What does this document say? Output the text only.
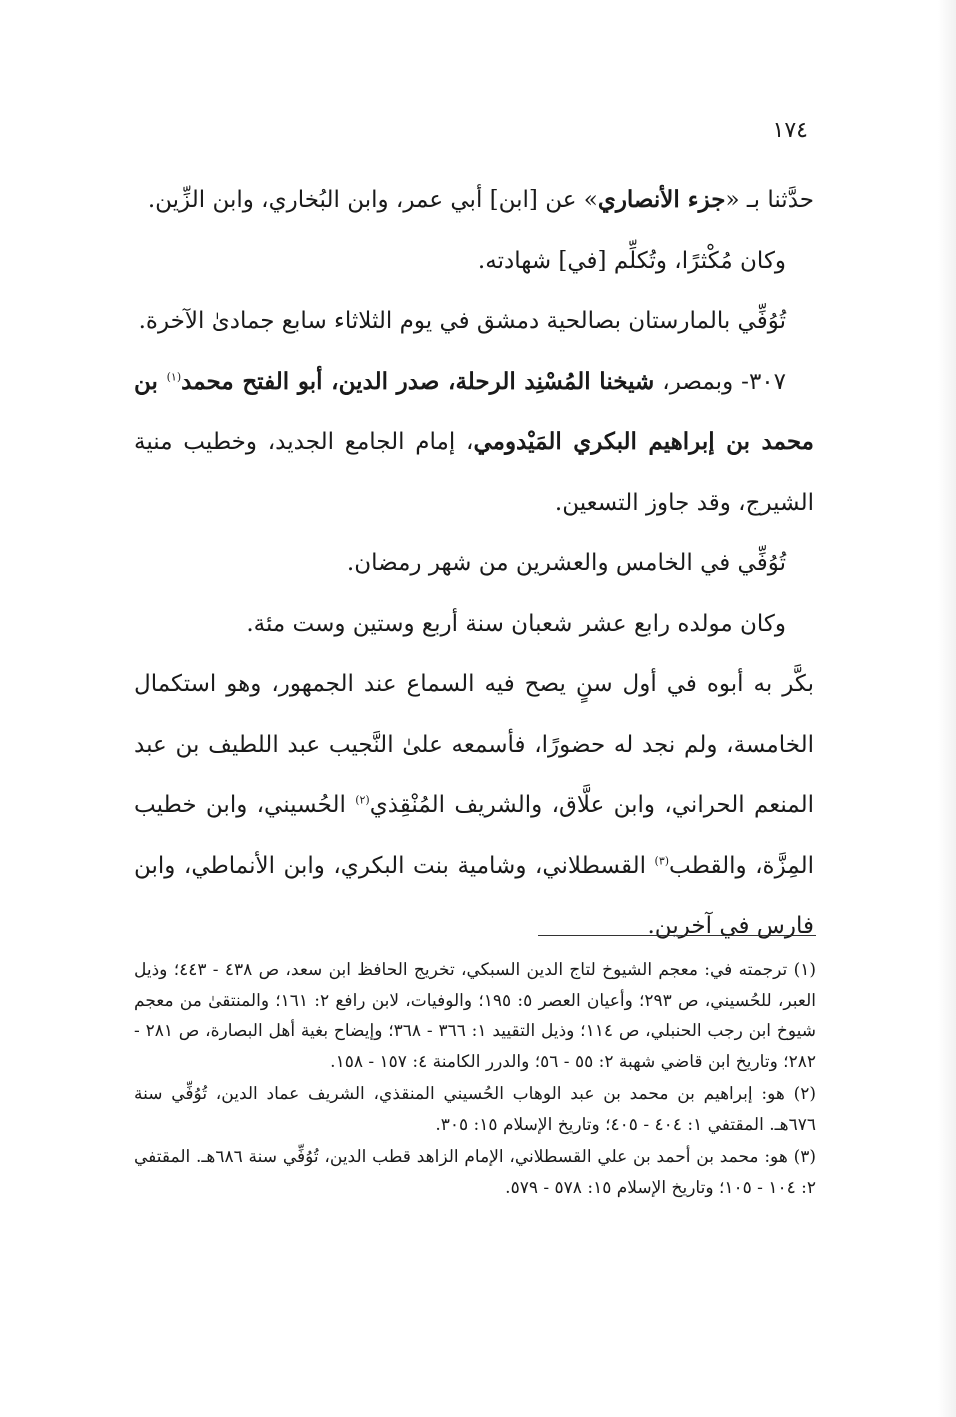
١٧٤

حدَّثنا بـ «جزء الأنصاري» عن [ابن] أبي عمر، وابن البُخاري، وابن الزِّين.

وكان مُكْثرًا، وتُكلِّم [في] شهادته.

تُوُفِّي بالمارستان بصالحية دمشق في يوم الثلاثاء سابع جمادىٰ الآخرة.

٣٠٧- وبمصر، شيخنا المُسْنِد الرحلة، صدر الدين، أبو الفتح محمد$^{(١)}$ بن محمد بن إبراهيم البكري المَيْدومي، إمام الجامع الجديد، وخطيب منية الشيرج، وقد جاوز التسعين.

تُوُفِّي في الخامس والعشرين من شهر رمضان.

وكان مولده رابع عشر شعبان سنة أربع وستين وست مئة.

بكَّر به أبوه في أول سنٍ يصح فيه السماع عند الجمهور، وهو استكمال الخامسة، ولم نجد له حضورًا، فأسمعه علىٰ النَّجيب عبد اللطيف بن عبد المنعم الحراني، وابن علَّاق، والشريف المُنْقِذي$^{(٢)}$ الحُسيني، وابن خطيب المِزَّة، والقطب$^{(٣)}$ القسطلاني، وشامية بنت البكري، وابن الأنماطي، وابن فارس في آخرين.

(١) ترجمته في: معجم الشيوخ لتاج الدين السبكي، تخريج الحافظ ابن سعد، ص ٤٣٨ - ٤٤٣؛ وذيل العبر، للحُسيني، ص ٢٩٣؛ وأعيان العصر ٥: ١٩٥؛ والوفيات، لابن رافع ٢: ١٦١؛ والمنتقىٰ من معجم شيوخ ابن رجب الحنبلي، ص ١١٤؛ وذيل التقييد ١: ٣٦٦ - ٣٦٨؛ وإيضاح بغية أهل البصارة، ص ٢٨١ - ٢٨٢؛ وتاريخ ابن قاضي شهبة ٢: ٥٥ - ٥٦؛ والدرر الكامنة ٤: ١٥٧ - ١٥٨.

(٢) هو: إبراهيم بن محمد بن عبد الوهاب الحُسيني المنقذي، الشريف عماد الدين، تُوُفِّي سنة ٦٧٦هـ. المقتفي ١: ٤٠٤ - ٤٠٥؛ وتاريخ الإسلام ١٥: ٣٠٥.

(٣) هو: محمد بن أحمد بن علي القسطلاني، الإمام الزاهد قطب الدين، تُوُفِّي سنة ٦٨٦هـ. المقتفي ٢: ١٠٤ - ١٠٥؛ وتاريخ الإسلام ١٥: ٥٧٨ - ٥٧٩.
